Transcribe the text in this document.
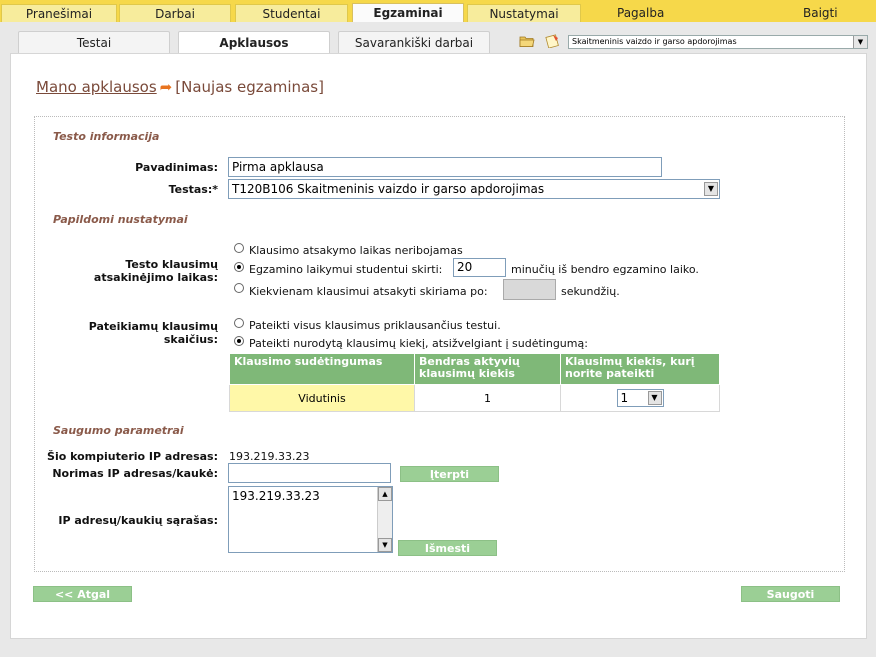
Pranešimai	Darbai	Studentai	Egzaminai	Nustatymai	Pagalba	Baigti
Testai	Apklausos	Savarankiški darbai	Skaitmeninis vaizdo ir garso apdorojimas	▼
Mano apklausos ➦ [Naujas egzaminas]
Testo informacija
Pavadinimas:	Pirma apklausa
Testas:*	T120B106 Skaitmeninis vaizdo ir garso apdorojimas	▼
Papildomi nustatymai
Testo klausimų
atsakinėjimo laikas:
Klausimo atsakymo laikas neribojamas
Egzamino laikymui studentui skirti:	20	minučių iš bendro egzamino laiko.
Kiekvienam klausimui atsakyti skiriama po:	sekundžių.
Pateikiamų klausimų
skaičius:
Pateikti visus klausimus priklausančius testui.
Pateikti nurodytą klausimų kiekį, atsižvelgiant į sudėtingumą:
Klausimo sudėtingumas	Bendras aktyvių klausimų kiekis	Klausimų kiekis, kurį norite pateikti
Vidutinis	1	1 ▼
Saugumo parametrai
Šio kompiuterio IP adresas: 193.219.33.23
Norimas IP adresas/kaukė:	Įterpti
IP adresų/kaukių sąrašas:
193.219.33.23	▲
▼	Išmesti
<< Atgal	Saugoti
